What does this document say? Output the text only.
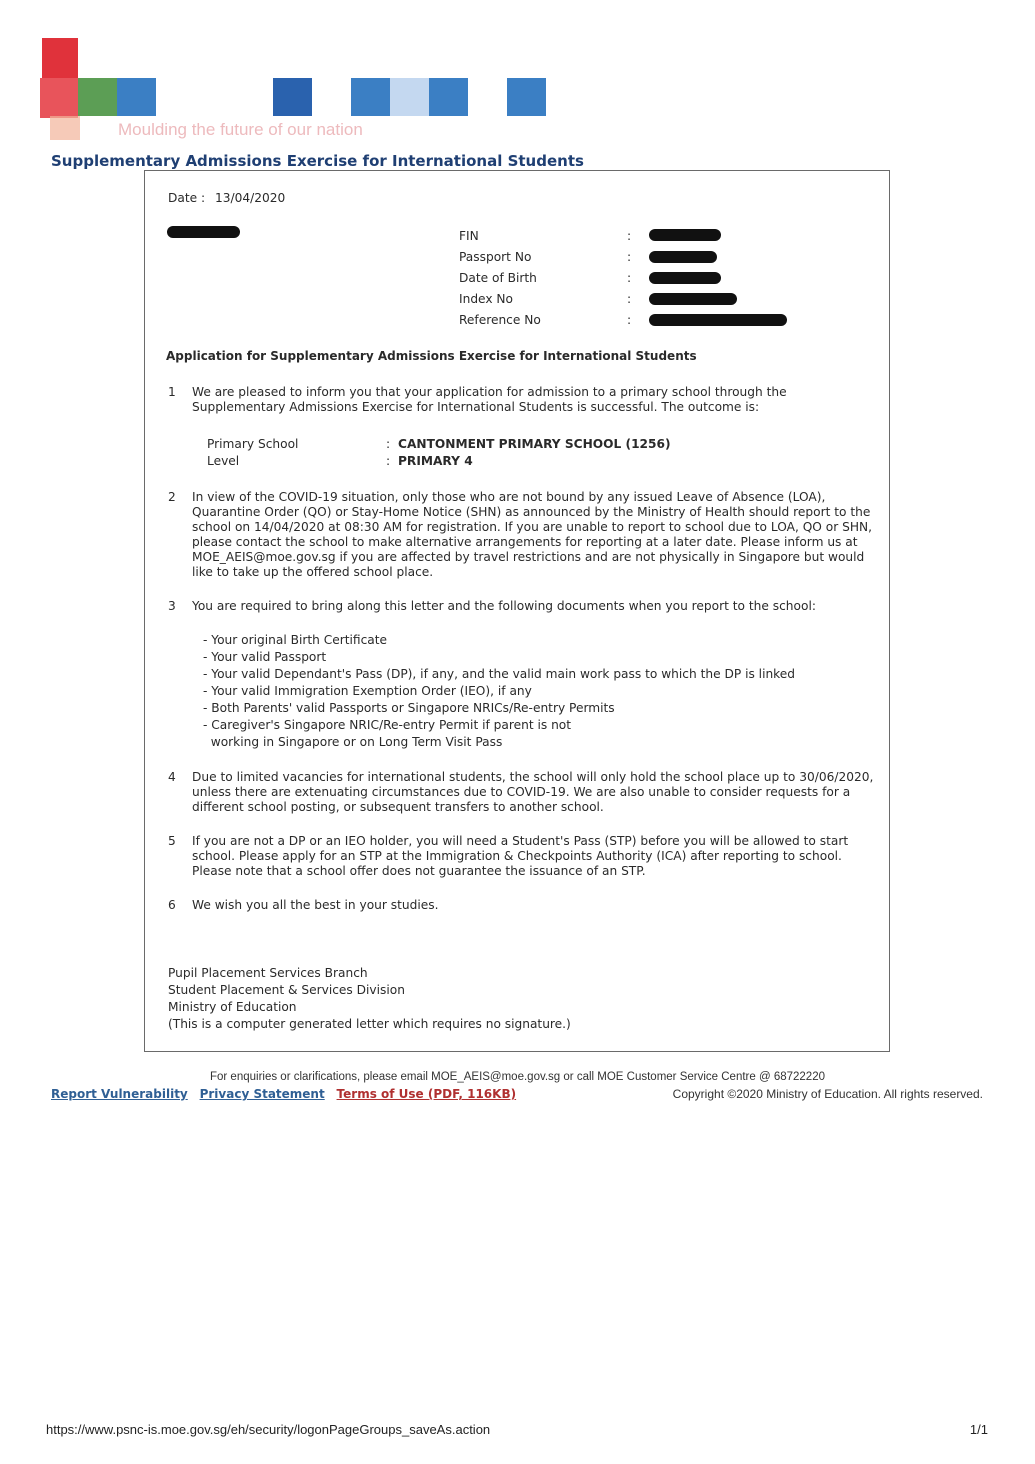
Moulding the future of our nation
Supplementary Admissions Exercise for International Students
Date : 13/04/2020
FIN	:
Passport No	:
Date of Birth	:
Index No	:
Reference No	:
Application for Supplementary Admissions Exercise for International Students
1 We are pleased to inform you that your application for admission to a primary school through the Supplementary Admissions Exercise for International Students is successful. The outcome is:
Primary School	: CANTONMENT PRIMARY SCHOOL (1256)
Level	: PRIMARY 4
2 In view of the COVID-19 situation, only those who are not bound by any issued Leave of Absence (LOA), Quarantine Order (QO) or Stay-Home Notice (SHN) as announced by the Ministry of Health should report to the school on 14/04/2020 at 08:30 AM for registration. If you are unable to report to school due to LOA, QO or SHN, please contact the school to make alternative arrangements for reporting at a later date. Please inform us at MOE_AEIS@moe.gov.sg if you are affected by travel restrictions and are not physically in Singapore but would like to take up the offered school place.
3 You are required to bring along this letter and the following documents when you report to the school:
- Your original Birth Certificate
- Your valid Passport
- Your valid Dependant's Pass (DP), if any, and the valid main work pass to which the DP is linked
- Your valid Immigration Exemption Order (IEO), if any
- Both Parents' valid Passports or Singapore NRICs/Re-entry Permits
- Caregiver's Singapore NRIC/Re-entry Permit if parent is not
working in Singapore or on Long Term Visit Pass
4 Due to limited vacancies for international students, the school will only hold the school place up to 30/06/2020, unless there are extenuating circumstances due to COVID-19. We are also unable to consider requests for a different school posting, or subsequent transfers to another school.
5 If you are not a DP or an IEO holder, you will need a Student's Pass (STP) before you will be allowed to start school. Please apply for an STP at the Immigration & Checkpoints Authority (ICA) after reporting to school. Please note that a school offer does not guarantee the issuance of an STP.
6 We wish you all the best in your studies.
Pupil Placement Services Branch
Student Placement & Services Division
Ministry of Education
(This is a computer generated letter which requires no signature.)
For enquiries or clarifications, please email MOE_AEIS@moe.gov.sg or call MOE Customer Service Centre @ 68722220
Report Vulnerability Privacy Statement Terms of Use (PDF, 116KB)	Copyright ©2020 Ministry of Education. All rights reserved.
https://www.psnc-is.moe.gov.sg/eh/security/logonPageGroups_saveAs.action	1/1
